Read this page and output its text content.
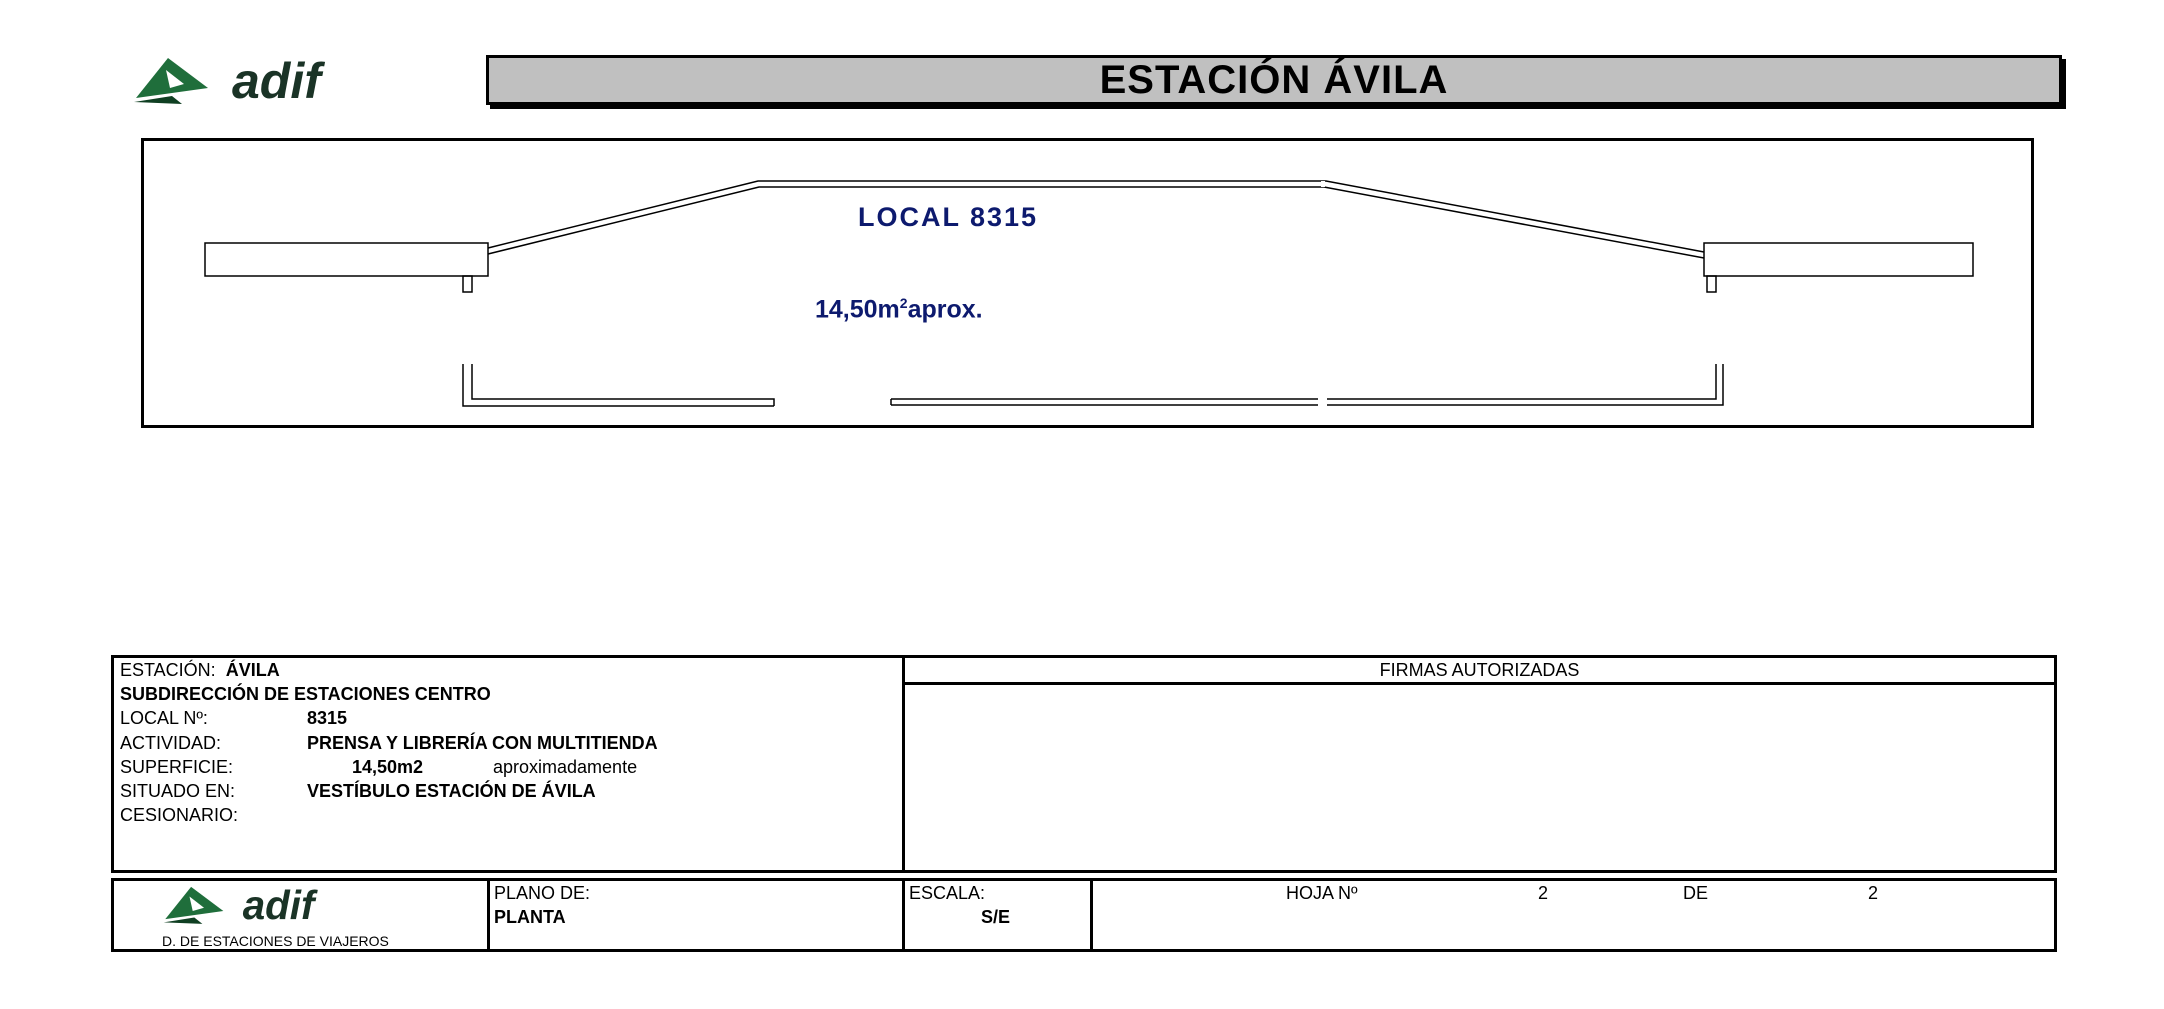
adif	ESTACIÓN ÁVILA
LOCAL 8315
$14,50m^2aprox$.
ESTACIÓN: ÁVILA
SUBDIRECCIÓN DE ESTACIONES CENTRO
LOCAL Nº:	8315
ACTIVIDAD:	PRENSA Y LIBRERÍA CON MULTITIENDA
SUPERFICIE:	14,50m2	aproximadamente
SITUADO EN:	VESTÍBULO ESTACIÓN DE ÁVILA
CESIONARIO:
FIRMAS AUTORIZADAS
adif
D. DE ESTACIONES DE VIAJEROS
PLANO DE:
PLANTA
ESCALA:
S/E
HOJA Nº	2	DE	2
